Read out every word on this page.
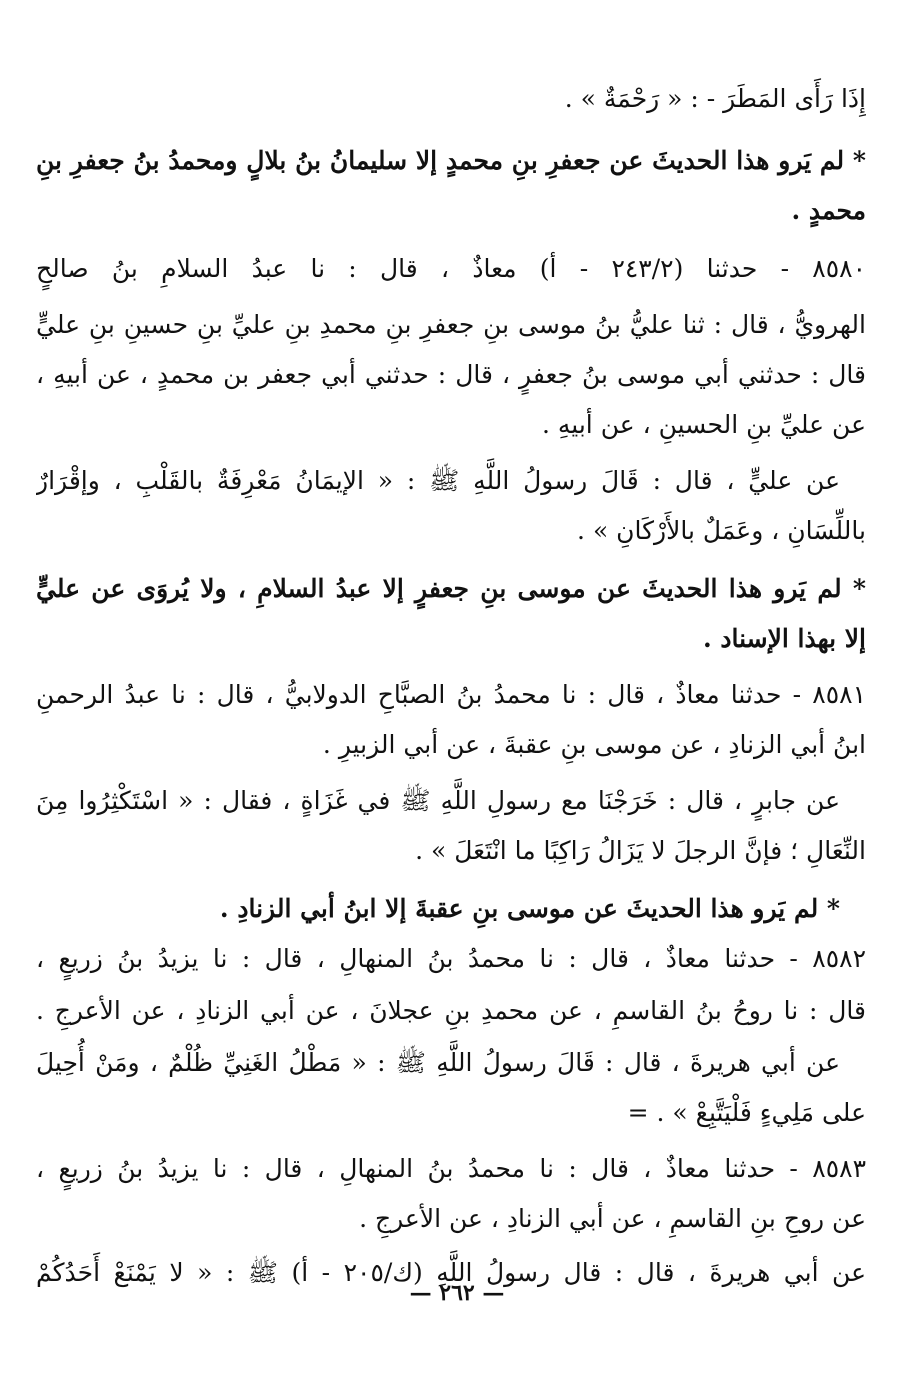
إِذَا رَأَى المَطَرَ - : « رَحْمَةٌ » .
* لم يَرو هذا الحديثَ عن جعفرِ بنِ محمدٍ إلا سليمانُ بنُ بلالٍ ومحمدُ بنُ جعفرِ بنِ
محمدٍ .
٨٥٨٠ - حدثنا (٢٤٣/٢ - أ) معاذٌ ، قال : نا عبدُ السلامِ بنُ صالحٍ
الهرويُّ ، قال : ثنا عليُّ بنُ موسى بنِ جعفرِ بنِ محمدِ بنِ عليِّ بنِ حسينِ بنِ عليٍّ
قال : حدثني أبي موسى بنُ جعفرٍ ، قال : حدثني أبي جعفر بن محمدٍ ، عن أبيهِ ،
عن عليِّ بنِ الحسينِ ، عن أبيهِ .
عن عليٍّ ، قال : قَالَ رسولُ اللَّهِ ﷺ : « الإيمَانُ مَعْرِفَةٌ بالقَلْبِ ، وإقْرَارٌ
باللِّسَانِ ، وعَمَلٌ بالأَرْكَانِ » .
* لم يَرو هذا الحديثَ عن موسى بنِ جعفرٍ إلا عبدُ السلامِ ، ولا يُروَى عن عليٍّ
إلا بهذا الإسناد .
٨٥٨١ - حدثنا معاذٌ ، قال : نا محمدُ بنُ الصبَّاحِ الدولابيُّ ، قال : نا عبدُ الرحمنِ
ابنُ أبي الزنادِ ، عن موسى بنِ عقبةَ ، عن أبي الزبيرِ .
عن جابرٍ ، قال : خَرَجْنَا مع رسولِ اللَّهِ ﷺ في غَزَاةٍ ، فقال : « اسْتَكْثِرُوا مِنَ
النِّعَالِ ؛ فإنَّ الرجلَ لا يَزَالُ رَاكِبًا ما انْتَعَلَ » .
* لم يَرو هذا الحديثَ عن موسى بنِ عقبةَ إلا ابنُ أبي الزنادِ .
٨٥٨٢ - حدثنا معاذٌ ، قال : نا محمدُ بنُ المنهالِ ، قال : نا يزيدُ بنُ زريعٍ ،
قال : نا روحُ بنُ القاسمِ ، عن محمدِ بنِ عجلانَ ، عن أبي الزنادِ ، عن الأعرجِ .
عن أبي هريرةَ ، قال : قَالَ رسولُ اللَّهِ ﷺ : « مَطْلُ الغَنِيِّ ظُلْمٌ ، ومَنْ أُحِيلَ
على مَلِيءٍ فَلْيَتَّبِعْ » . =
٨٥٨٣ - حدثنا معاذٌ ، قال : نا محمدُ بنُ المنهالِ ، قال : نا يزيدُ بنُ زريعٍ ،
عن روحِ بنِ القاسمِ ، عن أبي الزنادِ ، عن الأعرجِ .
عن أبي هريرةَ ، قال : قال رسولُ اللَّهِ (ك/٢٠٥ - أ) ﷺ : « لا يَمْنَعْ أَحَدُكُمْ
— ٢٦٢ —
